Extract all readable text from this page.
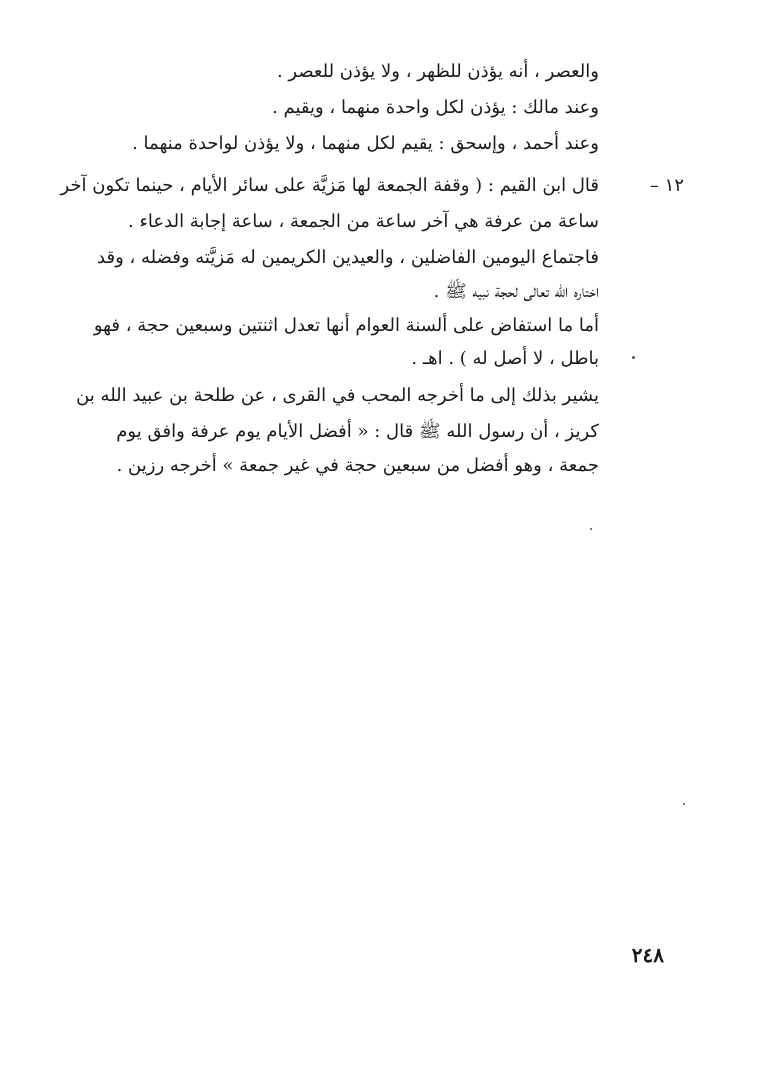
والعصر ، أنه يؤذن للظهر ، ولا يؤذن للعصر .
وعند مالك : يؤذن لكل واحدة منهما ، ويقيم .
وعند أحمد ، وإسحق : يقيم لكل منهما ، ولا يؤذن لواحدة منهما .
١٢ –
قال ابن القيم : ( وقفة الجمعة لها مَزيَّة على سائر الأيام ، حينما تكون آخر
ساعة من عرفة هي آخر ساعة من الجمعة ، ساعة إجابة الدعاء .
فاجتماع اليومين الفاضلين ، والعيدين الكريمين له مَزيَّته وفضله ، وقد
اختاره الله تعالى لحجة نبيه ﷺ .
أما ما استفاض على ألسنة العوام أنها تعدل اثنتين وسبعين حجة ، فهو
باطل ، لا أصل له ) . اهـ .
يشير بذلك إلى ما أخرجه المحب في القرى ، عن طلحة بن عبيد الله بن
كريز ، أن رسول الله ﷺ قال : « أفضل الأيام يوم عرفة وافق يوم
جمعة ، وهو أفضل من سبعين حجة في غير جمعة » أخرجه رزين .
٢٤٨
